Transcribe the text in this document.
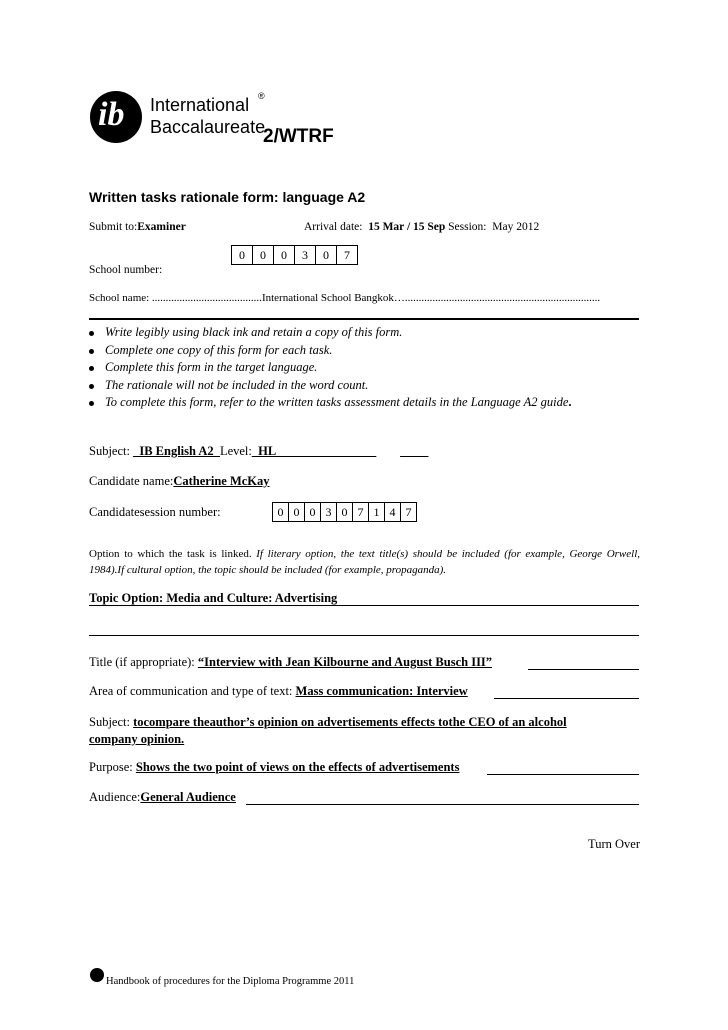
ib International
Baccalaureate
®
2/WTRF
Written tasks rationale form: language A2
Submit to:Examiner	Arrival date: 15 Mar / 15 Sep Session: May 2012
0	0	0	3	0	7
School number:
School name: ........................................International School Bangkok….......................................................................
Write legibly using black ink and retain a copy of this form.
Complete one copy of this form for each task.
Complete this form in the target language.
The rationale will not be included in the word count.
To complete this form, refer to the written tasks assessment details in the Language A2 guide.
Subject: _IB English A2_Level:_HL________________ _ ___
Candidate name:Catherine McKay
Candidatesession number:	0 0 0 3 0 7 1 4 7
Option to which the task is linked. If literary option, the text title(s) should be included (for example, George Orwell, 1984).If cultural option, the topic should be included (for example, propaganda).
Topic Option: Media and Culture: Advertising
Title (if appropriate): “Interview with Jean Kilbourne and August Busch III”
Area of communication and type of text: Mass communication: Interview
Subject: tocompare theauthor’s opinion on advertisements effects tothe CEO of an alcohol
company opinion.
Purpose: Shows the two point of views on the effects of advertisements
Audience:General Audience
Turn Over
Handbook of procedures for the Diploma Programme 2011
